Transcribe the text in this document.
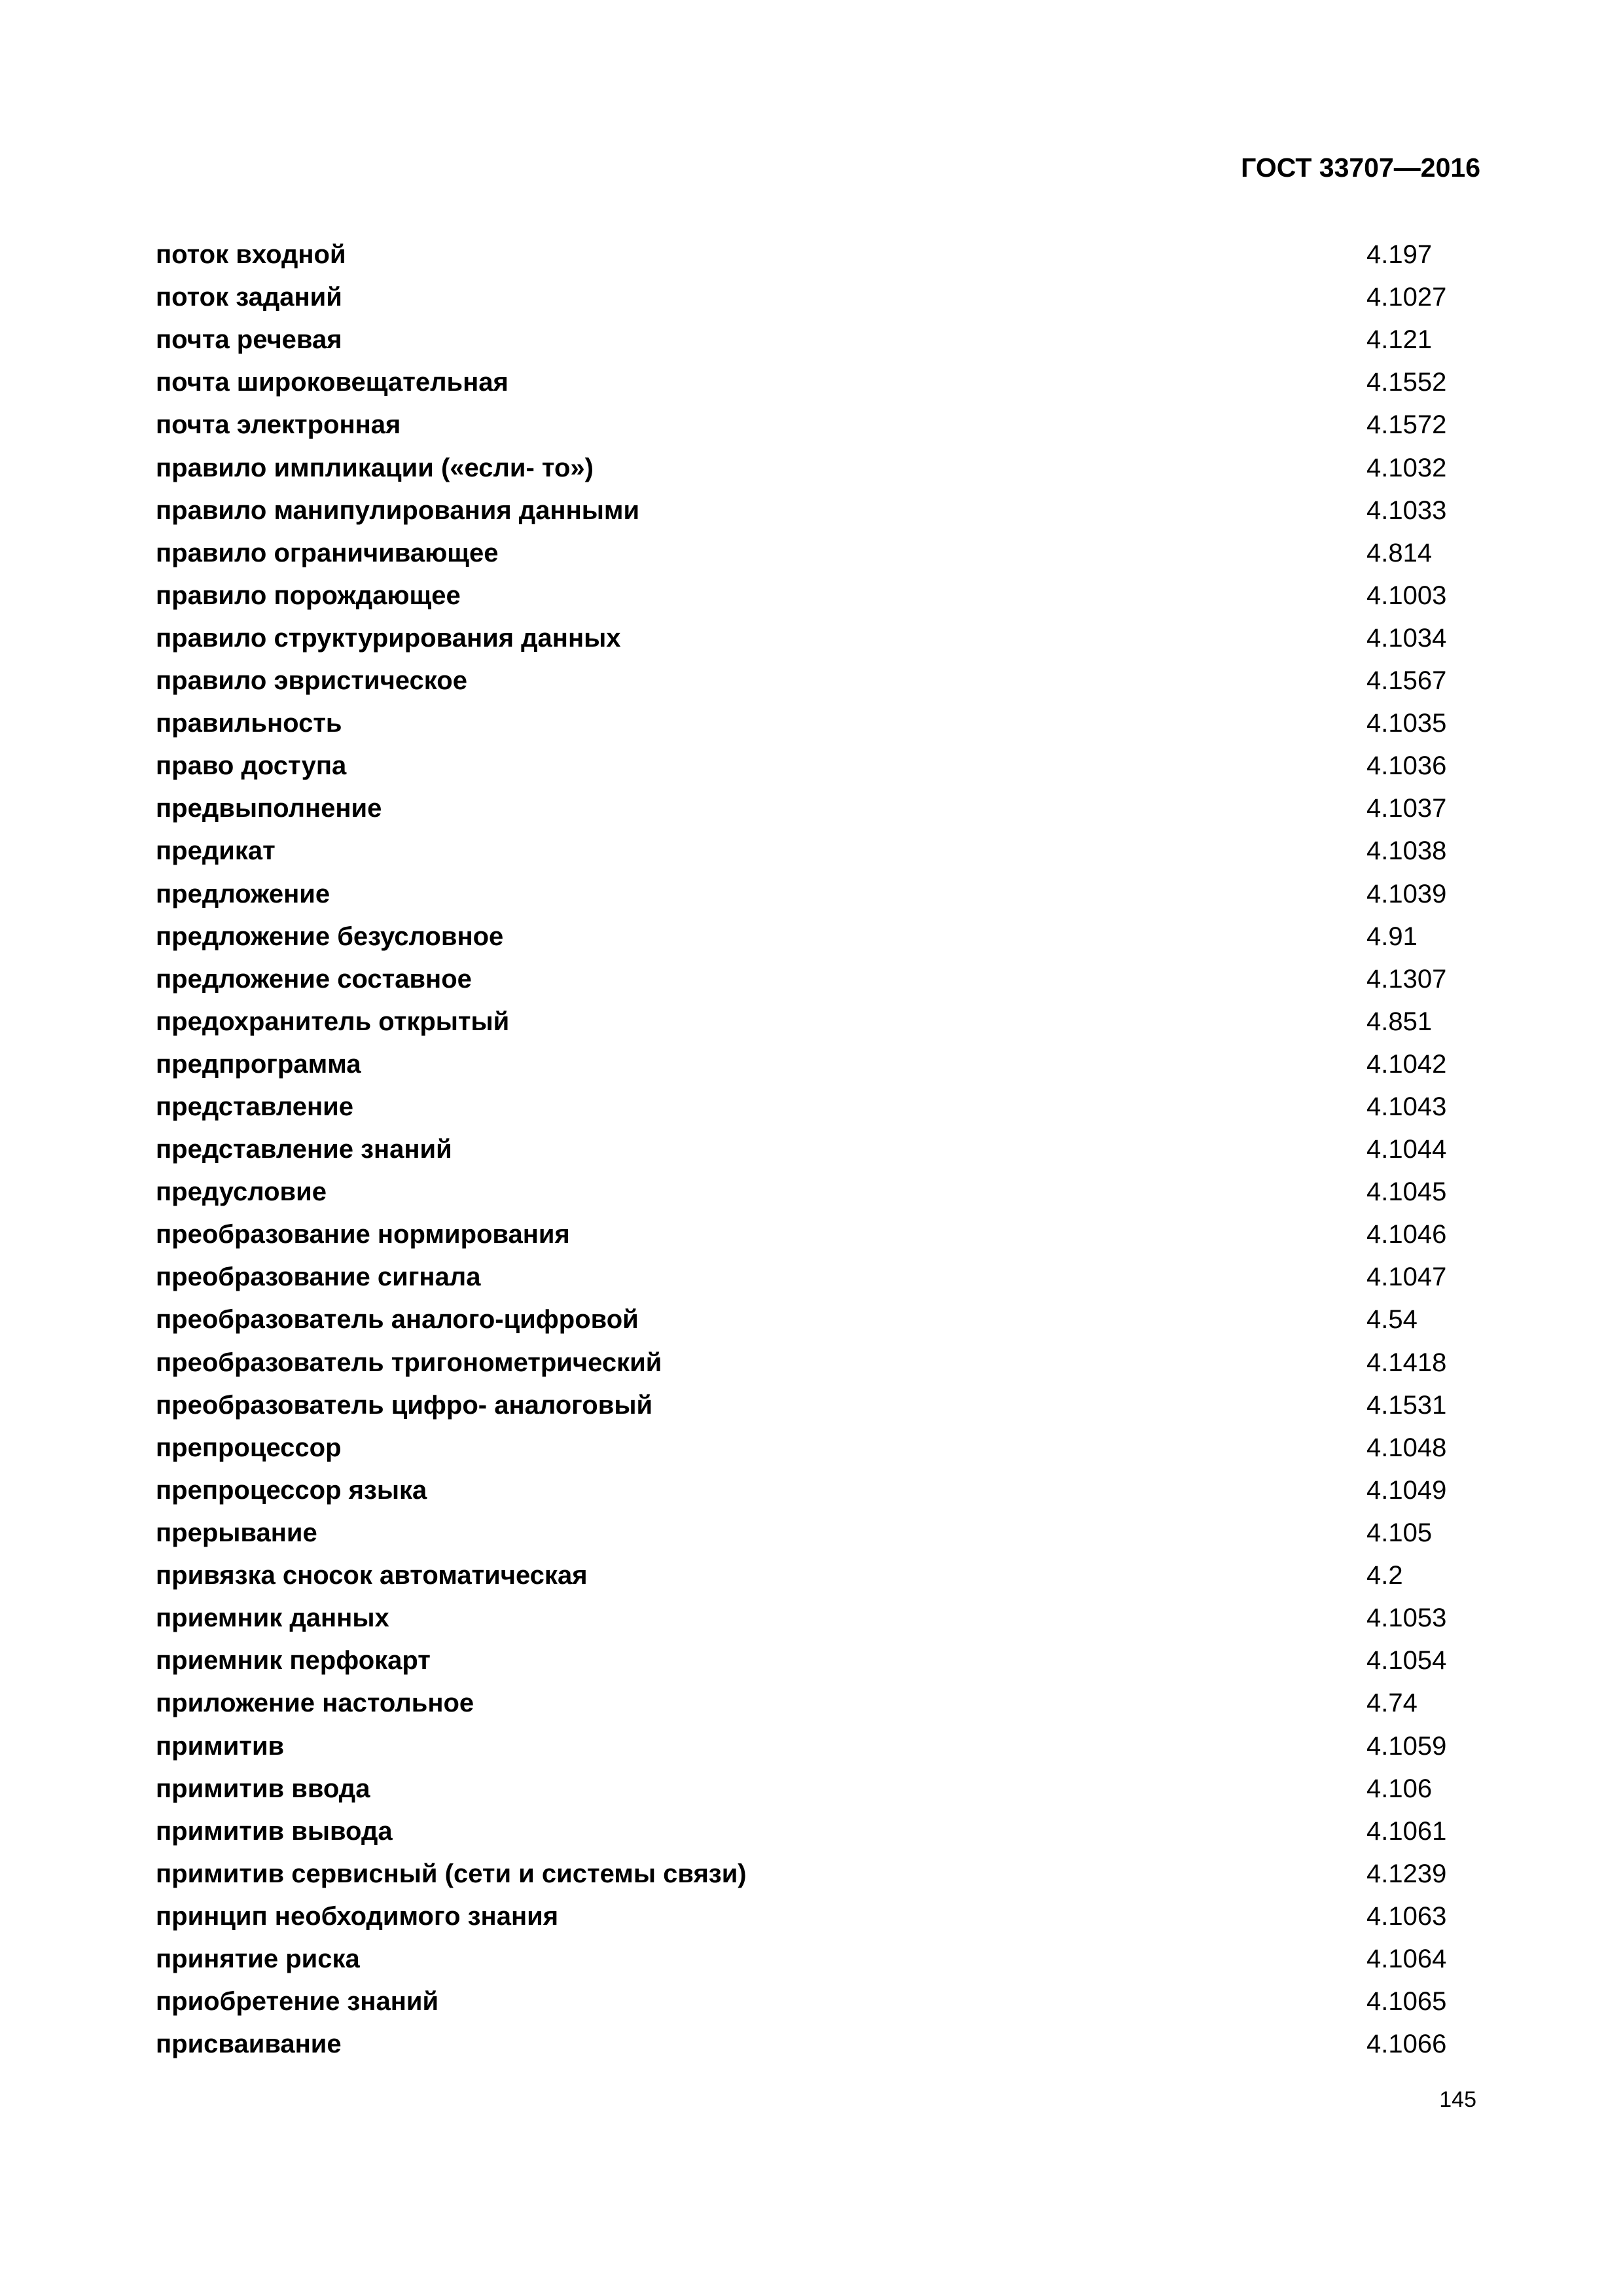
ГОСТ 33707—2016
поток входной	4.197
поток заданий	4.1027
почта речевая	4.121
почта широковещательная	4.1552
почта электронная	4.1572
правило импликации («если- то»)	4.1032
правило манипулирования данными	4.1033
правило ограничивающее	4.814
правило порождающее	4.1003
правило структурирования данных	4.1034
правило эвристическое	4.1567
правильность	4.1035
право доступа	4.1036
предвыполнение	4.1037
предикат	4.1038
предложение	4.1039
предложение безусловное	4.91
предложение составное	4.1307
предохранитель открытый	4.851
предпрограмма	4.1042
представление	4.1043
представление знаний	4.1044
предусловие	4.1045
преобразование нормирования	4.1046
преобразование сигнала	4.1047
преобразователь аналого-цифровой	4.54
преобразователь тригонометрический	4.1418
преобразователь цифро- аналоговый	4.1531
препроцессор	4.1048
препроцессор языка	4.1049
прерывание	4.105
привязка сносок автоматическая	4.2
приемник данных	4.1053
приемник перфокарт	4.1054
приложение настольное	4.74
примитив	4.1059
примитив ввода	4.106
примитив вывода	4.1061
примитив сервисный (сети и системы связи)	4.1239
принцип необходимого знания	4.1063
принятие риска	4.1064
приобретение знаний	4.1065
присваивание	4.1066
145
